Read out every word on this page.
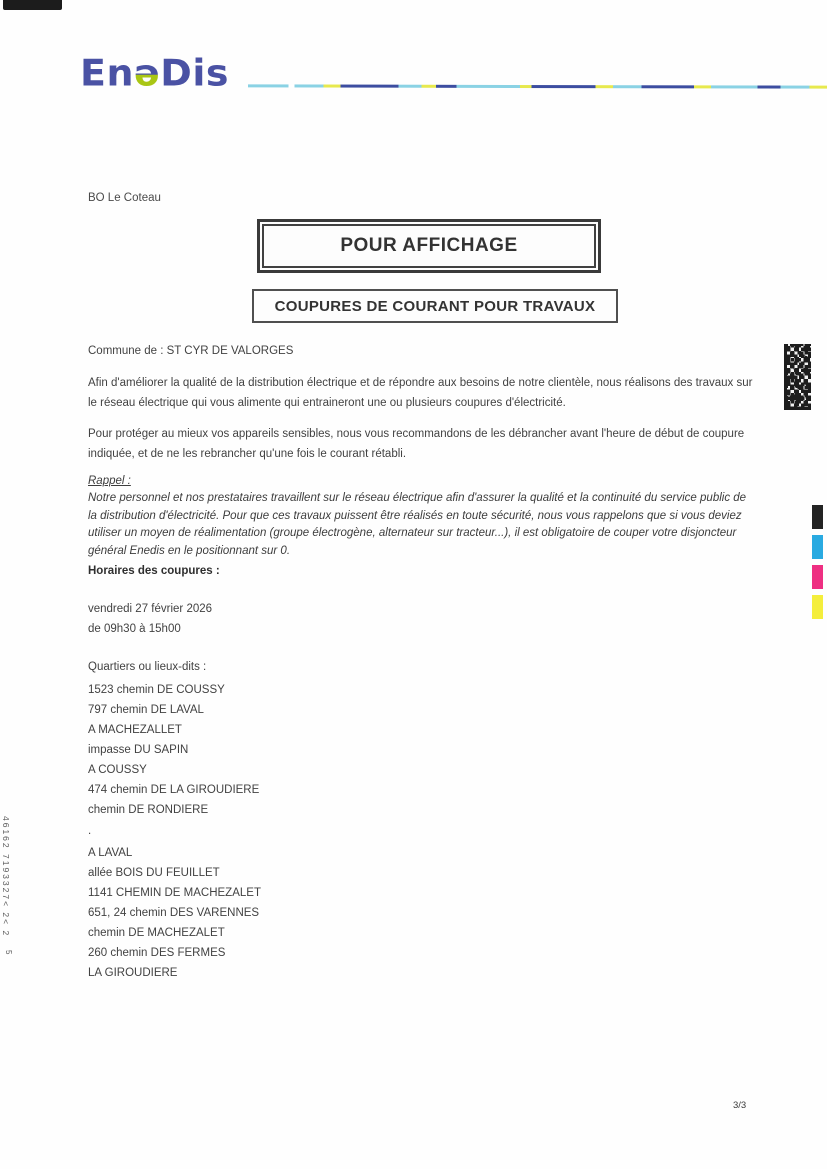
46162 7193327< 2< 2
5
EnǝDis
BO Le Coteau
POUR AFFICHAGE
COUPURES DE COURANT POUR TRAVAUX
Commune de : ST CYR DE VALORGES
Afin d'améliorer la qualité de la distribution électrique et de répondre aux besoins de notre clientèle, nous réalisons des travaux sur le réseau électrique qui vous alimente qui entraineront une ou plusieurs coupures d'électricité.
Pour protéger au mieux vos appareils sensibles, nous vous recommandons de les débrancher avant l'heure de début de coupure indiquée, et de ne les rebrancher qu'une fois le courant rétabli.
Rappel :
Notre personnel et nos prestataires travaillent sur le réseau électrique afin d'assurer la qualité et la continuité du service public de la distribution d'électricité. Pour que ces travaux puissent être réalisés en toute sécurité, nous vous rappelons que si vous deviez utiliser un moyen de réalimentation (groupe électrogène, alternateur sur tracteur...), il est obligatoire de couper votre disjoncteur général Enedis en le positionnant sur 0.
Horaires des coupures :
vendredi 27 février 2026
de 09h30 à 15h00
Quartiers ou lieux-dits :
1523 chemin DE COUSSY
797 chemin DE LAVAL
A MACHEZALLET
impasse DU SAPIN
A COUSSY
474 chemin DE LA GIROUDIERE
chemin DE RONDIERE
.
A LAVAL
allée BOIS DU FEUILLET
1141 CHEMIN DE MACHEZALET
651, 24 chemin DES VARENNES
chemin DE MACHEZALET
260 chemin DES FERMES
LA GIROUDIERE
3/3
